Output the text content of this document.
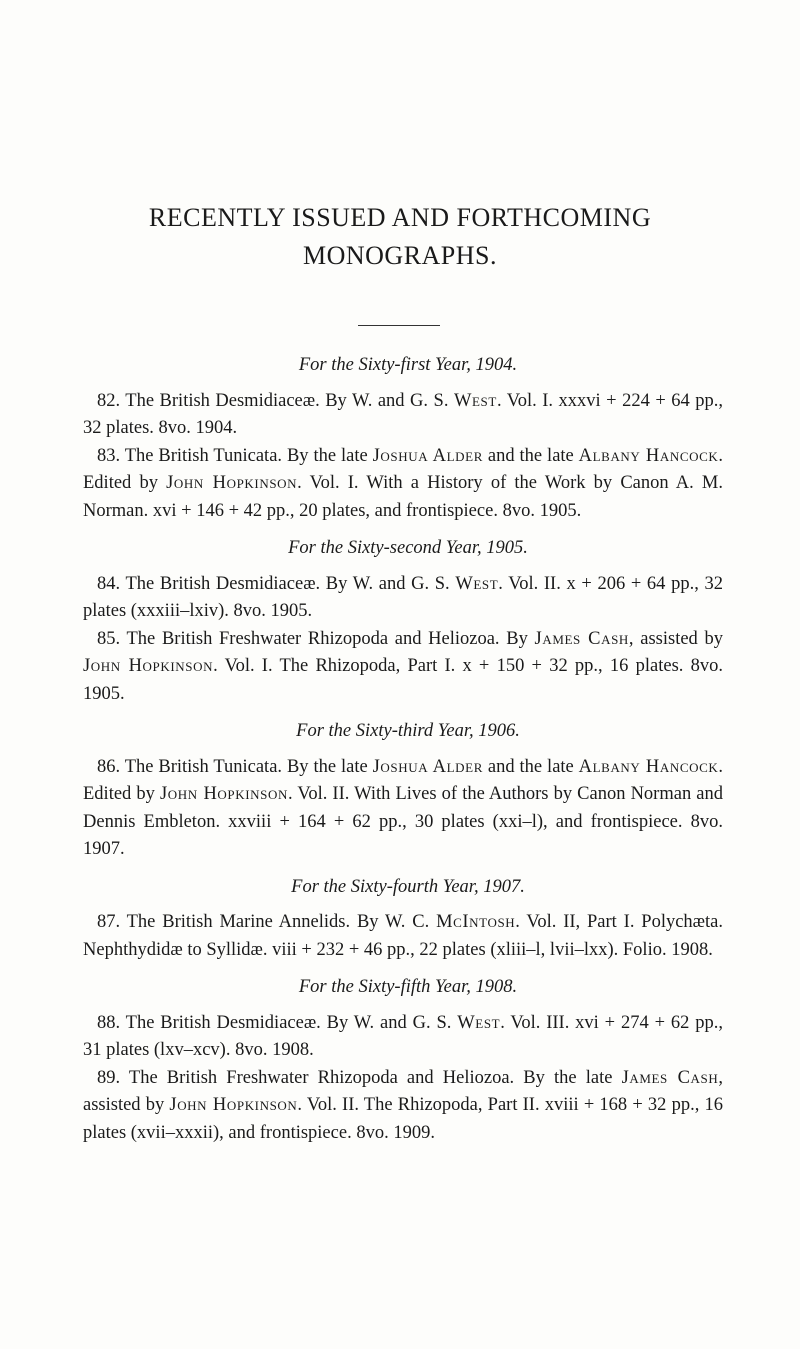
RECENTLY ISSUED AND FORTHCOMING
MONOGRAPHS.
For the Sixty-first Year, 1904.

82. The British Desmidiaceæ. By W. and G. S. West. Vol. I. xxxvi + 224 + 64 pp., 32 plates. 8vo. 1904.

83. The British Tunicata. By the late Joshua Alder and the late Albany Hancock. Edited by John Hopkinson. Vol. I. With a History of the Work by Canon A. M. Norman. xvi + 146 + 42 pp., 20 plates, and frontispiece. 8vo. 1905.

For the Sixty-second Year, 1905.

84. The British Desmidiaceæ. By W. and G. S. West. Vol. II. x + 206 + 64 pp., 32 plates (xxxiii–lxiv). 8vo. 1905.

85. The British Freshwater Rhizopoda and Heliozoa. By James Cash, assisted by John Hopkinson. Vol. I. The Rhizopoda, Part I. x + 150 + 32 pp., 16 plates. 8vo. 1905.

For the Sixty-third Year, 1906.

86. The British Tunicata. By the late Joshua Alder and the late Albany Hancock. Edited by John Hopkinson. Vol. II. With Lives of the Authors by Canon Norman and Dennis Embleton. xxviii + 164 + 62 pp., 30 plates (xxi–l), and frontispiece. 8vo. 1907.

For the Sixty-fourth Year, 1907.

87. The British Marine Annelids. By W. C. McIntosh. Vol. II, Part I. Polychæta. Nephthydidæ to Syllidæ. viii + 232 + 46 pp., 22 plates (xliii–l, lvii–lxx). Folio. 1908.

For the Sixty-fifth Year, 1908.

88. The British Desmidiaceæ. By W. and G. S. West. Vol. III. xvi + 274 + 62 pp., 31 plates (lxv–xcv). 8vo. 1908.

89. The British Freshwater Rhizopoda and Heliozoa. By the late James Cash, assisted by John Hopkinson. Vol. II. The Rhizopoda, Part II. xviii + 168 + 32 pp., 16 plates (xvii–xxxii), and frontispiece. 8vo. 1909.
